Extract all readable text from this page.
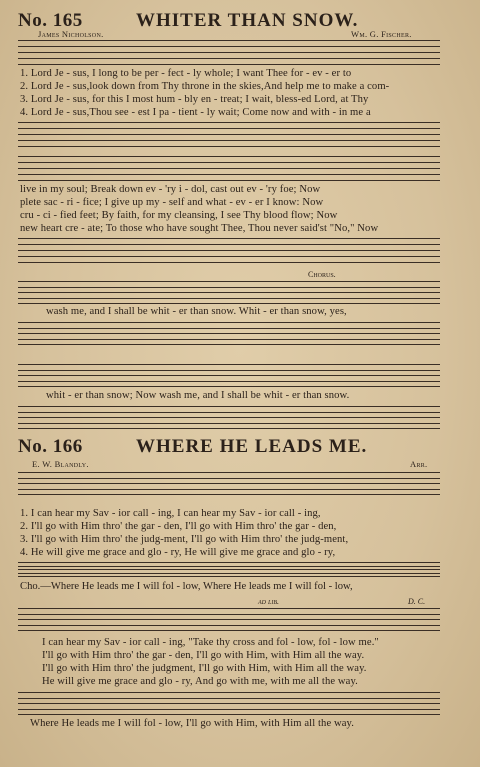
No. 165	WHITER THAN SNOW.
James Nicholson.	Wm. G. Fischer.
1. Lord Je - sus, I long to be per - fect - ly whole; I want Thee for - ev - er to
2. Lord Je - sus,look down from Thy throne in the skies,And help me to make a com-
3. Lord Je - sus, for this I most hum - bly en - treat; I wait, bless-ed Lord, at Thy
4. Lord Je - sus,Thou see - est I pa - tient - ly wait; Come now and with - in me a
live in my soul; Break down ev - 'ry i - dol, cast out ev - 'ry foe; Now
plete sac - ri - fice; I give up my - self and what - ev - er I know: Now
cru - ci - fied feet; By faith, for my cleansing, I see Thy blood flow; Now
new heart cre - ate; To those who have sought Thee, Thou never said'st "No," Now
Chorus.
wash me, and I shall be whit - er than snow. Whit - er than snow, yes,
whit - er than snow; Now wash me, and I shall be whit - er than snow.
No. 166	WHERE HE LEADS ME.
E. W. Blandly.	Arr.
1. I can hear my Sav - ior call - ing, I can hear my Sav - ior call - ing,
2. I'll go with Him thro' the gar - den, I'll go with Him thro' the gar - den,
3. I'll go with Him thro' the judg-ment, I'll go with Him thro' the judg-ment,
4. He will give me grace and glo - ry, He will give me grace and glo - ry,
Cho.—Where He leads me I will fol - low, Where He leads me I will fol - low,
ad lib.	D. C.
I can hear my Sav - ior call - ing, "Take thy cross and fol - low, fol - low me."
I'll go with Him thro' the gar - den, I'll go with Him, with Him all the way.
I'll go with Him thro' the judgment, I'll go with Him, with Him all the way.
He will give me grace and glo - ry, And go with me, with me all the way.
Where He leads me I will fol - low, I'll go with Him, with Him all the way.
